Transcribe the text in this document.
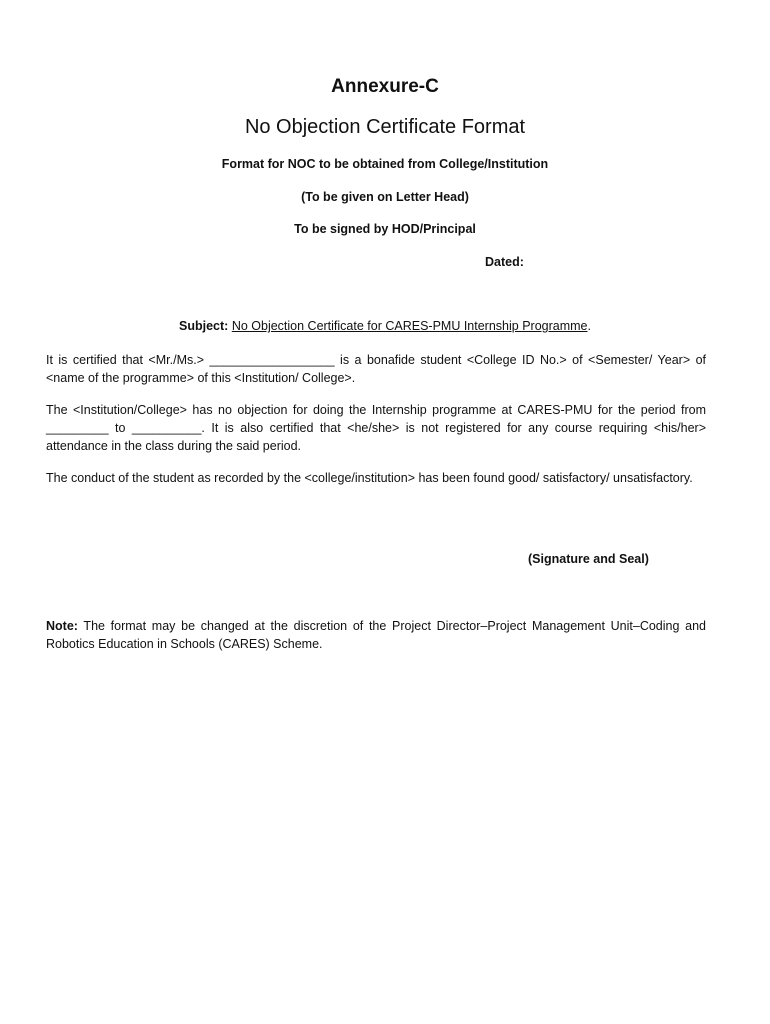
Annexure-C
No Objection Certificate Format
Format for NOC to be obtained from College/Institution
(To be given on Letter Head)
To be signed by HOD/Principal
Dated:
Subject: No Objection Certificate for CARES-PMU Internship Programme.

It is certified that <Mr./Ms.> __________________ is a bonafide student <College ID No.> of <Semester/ Year> of <name of the programme> of this <Institution/ College>.

The <Institution/College> has no objection for doing the Internship programme at CARES-PMU for the period from _________ to __________. It is also certified that <he/she> is not registered for any course requiring <his/her> attendance in the class during the said period.

The conduct of the student as recorded by the <college/institution> has been found good/ satisfactory/ unsatisfactory.

(Signature and Seal)

Note: The format may be changed at the discretion of the Project Director–Project Management Unit–Coding and Robotics Education in Schools (CARES) Scheme.
